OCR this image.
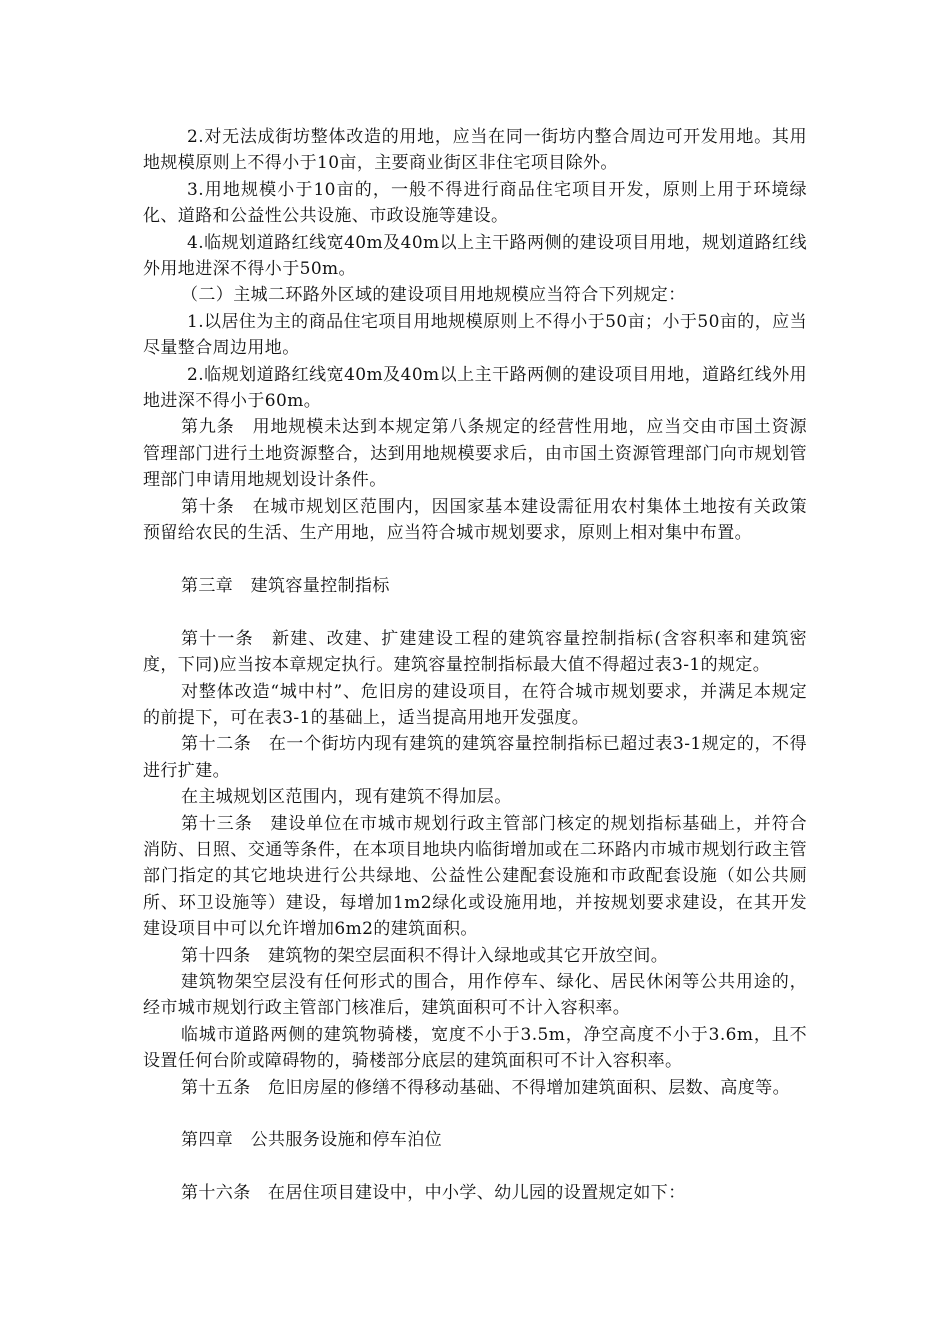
2.对无法成街坊整体改造的用地，应当在同一街坊内整合周边可开发用地。其用地规模原则上不得小于10亩，主要商业街区非住宅项目除外。

3.用地规模小于10亩的，一般不得进行商品住宅项目开发，原则上用于环境绿化、道路和公益性公共设施、市政设施等建设。

4.临规划道路红线宽40m及40m以上主干路两侧的建设项目用地，规划道路红线外用地进深不得小于50m。

（二）主城二环路外区域的建设项目用地规模应当符合下列规定：

1.以居住为主的商品住宅项目用地规模原则上不得小于50亩；小于50亩的，应当尽量整合周边用地。

2.临规划道路红线宽40m及40m以上主干路两侧的建设项目用地，道路红线外用地进深不得小于60m。

第九条　用地规模未达到本规定第八条规定的经营性用地，应当交由市国土资源管理部门进行土地资源整合，达到用地规模要求后，由市国土资源管理部门向市规划管理部门申请用地规划设计条件。

第十条　在城市规划区范围内，因国家基本建设需征用农村集体土地按有关政策预留给农民的生活、生产用地，应当符合城市规划要求，原则上相对集中布置。

第三章　建筑容量控制指标

第十一条　新建、改建、扩建建设工程的建筑容量控制指标(含容积率和建筑密度，下同)应当按本章规定执行。建筑容量控制指标最大值不得超过表3-1的规定。

对整体改造“城中村”、危旧房的建设项目，在符合城市规划要求，并满足本规定的前提下，可在表3-1的基础上，适当提高用地开发强度。

第十二条　在一个街坊内现有建筑的建筑容量控制指标已超过表3-1规定的，不得进行扩建。

在主城规划区范围内，现有建筑不得加层。

第十三条　建设单位在市城市规划行政主管部门核定的规划指标基础上，并符合消防、日照、交通等条件，在本项目地块内临街增加或在二环路内市城市规划行政主管部门指定的其它地块进行公共绿地、公益性公建配套设施和市政配套设施（如公共厕所、环卫设施等）建设，每增加1m2绿化或设施用地，并按规划要求建设，在其开发建设项目中可以允许增加6m2的建筑面积。

第十四条　建筑物的架空层面积不得计入绿地或其它开放空间。

建筑物架空层没有任何形式的围合，用作停车、绿化、居民休闲等公共用途的，经市城市规划行政主管部门核准后，建筑面积可不计入容积率。

临城市道路两侧的建筑物骑楼，宽度不小于3.5m，净空高度不小于3.6m，且不设置任何台阶或障碍物的，骑楼部分底层的建筑面积可不计入容积率。

第十五条　危旧房屋的修缮不得移动基础、不得增加建筑面积、层数、高度等。

第四章　公共服务设施和停车泊位

第十六条　在居住项目建设中，中小学、幼儿园的设置规定如下：
